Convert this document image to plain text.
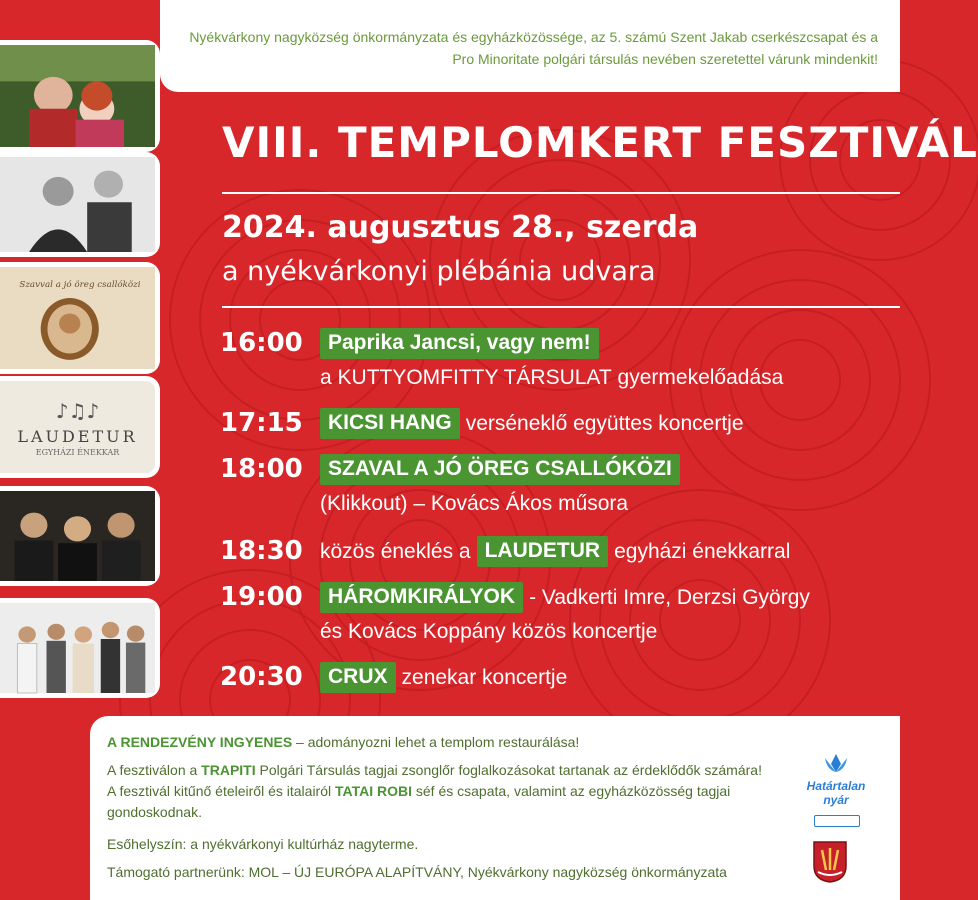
Nyékvárkony nagyközség önkormányzata és egyházközössége, az 5. számú Szent Jakab cserkészcsapat és a Pro Minoritate polgári társulás nevében szeretettel várunk mindenkit!

Szavval a jó öreg csallóközi
♪♫♪
LAUDETUR
EGYHÁZI ÉNEKKAR
VIII. TEMPLOMKERT FESZTIVÁL
2024. augusztus 28., szerda
a nyékvárkonyi plébánia udvara
16:00	Paprika Jancsi, vagy nem!
a KUTTYOMFITTY TÁRSULAT gyermekelőadása
17:15	KICSI HANG verséneklő együttes koncertje
18:00	SZAVAL A JÓ ÖREG CSALLÓKÖZI
(Klikkout) – Kovács Ákos műsora
18:30 közös éneklés a LAUDETUR egyházi énekkarral
19:00	HÁROMKIRÁLYOK - Vadkerti Imre, Derzsi György
és Kovács Koppány közös koncertje
20:30	CRUX zenekar koncertje

A RENDEZVÉNY INGYENES – adományozni lehet a templom restaurálása!

A fesztiválon a TRAPITI Polgári Társulás tagjai zsonglőr foglalkozásokat tartanak az érdeklődők számára! A fesztivál kitűnő ételeiről és italairól TATAI ROBI séf és csapata, valamint az egyházközösség tagjai gondoskodnak.

Esőhelyszín: a nyékvárkonyi kultúrház nagyterme.

Támogató partnerünk: MOL – ÚJ EURÓPA ALAPÍTVÁNY, Nyékvárkony nagyközség önkormányzata

Határtalan
nyár
